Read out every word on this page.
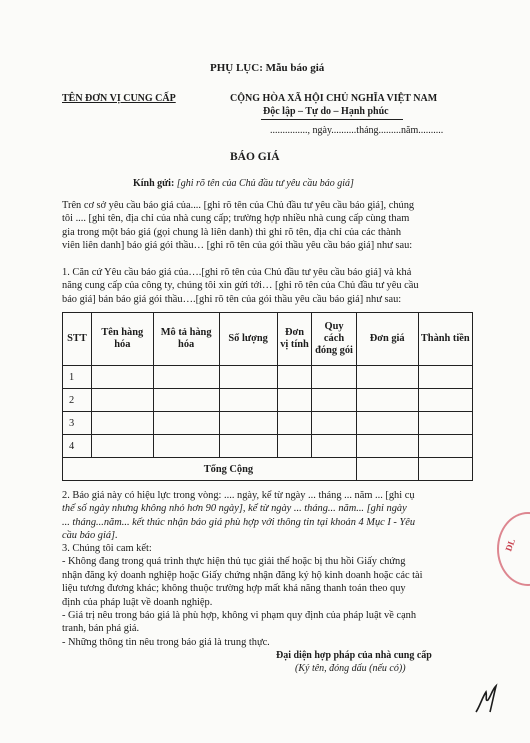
PHỤ LỤC: Mẫu báo giá
TÊN ĐƠN VỊ CUNG CẤP	CỘNG HÒA XÃ HỘI CHỦ NGHĨA VIỆT NAM
Độc lập – Tự do – Hạnh phúc
..............., ngày..........tháng.........năm..........
BÁO GIÁ
Kính gửi: [ghi rõ tên của Chủ đầu tư yêu cầu báo giá]
Trên cơ sở yêu cầu báo giá của.... [ghi rõ tên của Chủ đầu tư yêu cầu báo giá], chúng
tôi .... [ghi tên, địa chỉ của nhà cung cấp; trường hợp nhiều nhà cung cấp cùng tham
gia trong một báo giá (gọi chung là liên danh) thì ghi rõ tên, địa chỉ của các thành
viên liên danh] báo giá gói thầu… [ghi rõ tên của gói thầu yêu cầu báo giá] như sau:
1. Căn cứ Yêu cầu báo giá của….[ghi rõ tên của Chủ đầu tư yêu cầu báo giá] và khả
năng cung cấp của công ty, chúng tôi xin gửi tới… [ghi rõ tên của Chủ đầu tư yêu cầu
báo giá] bản báo giá gói thầu….[ghi rõ tên của gói thầu yêu cầu báo giá] như sau:
STT	Tên hàng hóa	Mô tả hàng hóa	Số lượng	Đơn vị tính	Quy cách đóng gói	Đơn giá	Thành tiền
1							
2							
3							
4							
Tổng Cộng							
2. Báo giá này có hiệu lực trong vòng: .... ngày, kể từ ngày ... tháng ... năm ... [ghi cụ
thể số ngày nhưng không nhỏ hơn 90 ngày], kể từ ngày ... tháng... năm... [ghi ngày
... tháng...năm... kết thúc nhận báo giá phù hợp với thông tin tại khoản 4 Mục I - Yêu
cầu báo giá].
3. Chúng tôi cam kết:
- Không đang trong quá trình thực hiện thủ tục giải thể hoặc bị thu hồi Giấy chứng
nhận đăng ký doanh nghiệp hoặc Giấy chứng nhận đăng ký hộ kinh doanh hoặc các tài
liệu tương đương khác; không thuộc trường hợp mất khả năng thanh toán theo quy
định của pháp luật về doanh nghiệp.
- Giá trị nêu trong báo giá là phù hợp, không vi phạm quy định của pháp luật về cạnh
tranh, bán phá giá.
- Những thông tin nêu trong báo giá là trung thực.
Đại diện hợp pháp của nhà cung cấp
(Ký tên, đóng dấu (nếu có))
DL
